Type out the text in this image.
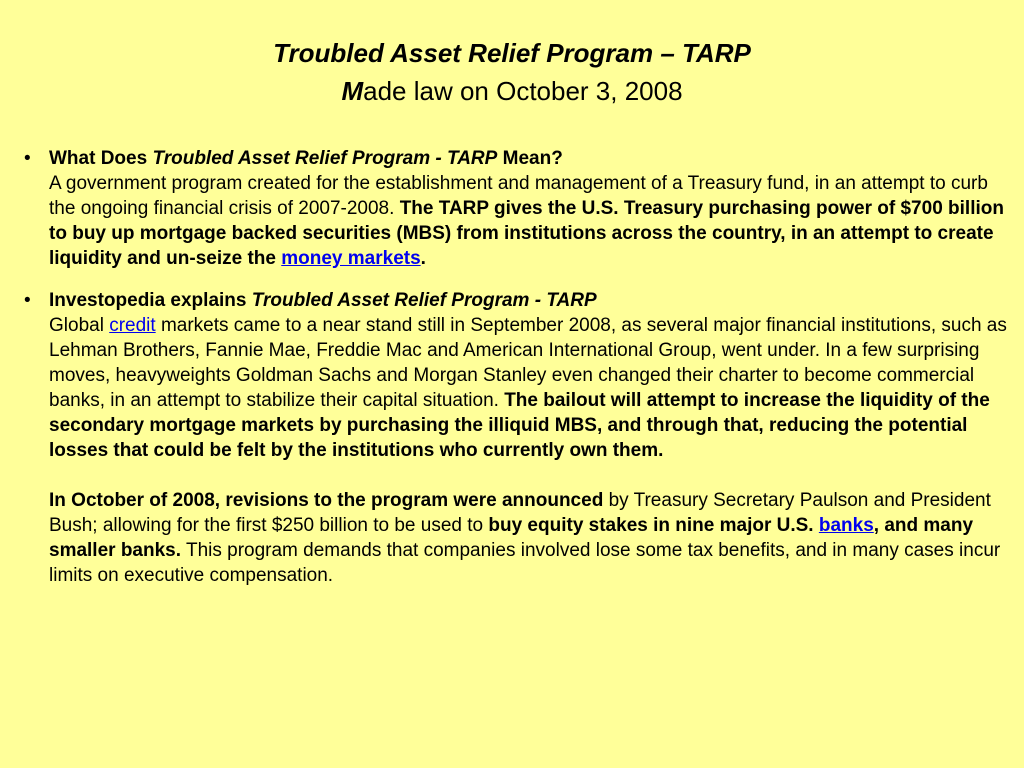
Troubled Asset Relief Program – TARP
Made law on October 3, 2008
• What Does Troubled Asset Relief Program - TARP Mean?
A government program created for the establishment and management of a Treasury fund, in an attempt to curb the ongoing financial crisis of 2007-2008. The TARP gives the U.S. Treasury purchasing power of $700 billion to buy up mortgage backed securities (MBS) from institutions across the country, in an attempt to create liquidity and un-seize the money markets.
• Investopedia explains Troubled Asset Relief Program - TARP
Global credit markets came to a near stand still in September 2008, as several major financial institutions, such as Lehman Brothers, Fannie Mae, Freddie Mac and American International Group, went under. In a few surprising moves, heavyweights Goldman Sachs and Morgan Stanley even changed their charter to become commercial banks, in an attempt to stabilize their capital situation. The bailout will attempt to increase the liquidity of the secondary mortgage markets by purchasing the illiquid MBS, and through that, reducing the potential losses that could be felt by the institutions who currently own them.
In October of 2008, revisions to the program were announced by Treasury Secretary Paulson and President Bush; allowing for the first $250 billion to be used to buy equity stakes in nine major U.S. banks, and many smaller banks. This program demands that companies involved lose some tax benefits, and in many cases incur limits on executive compensation.
